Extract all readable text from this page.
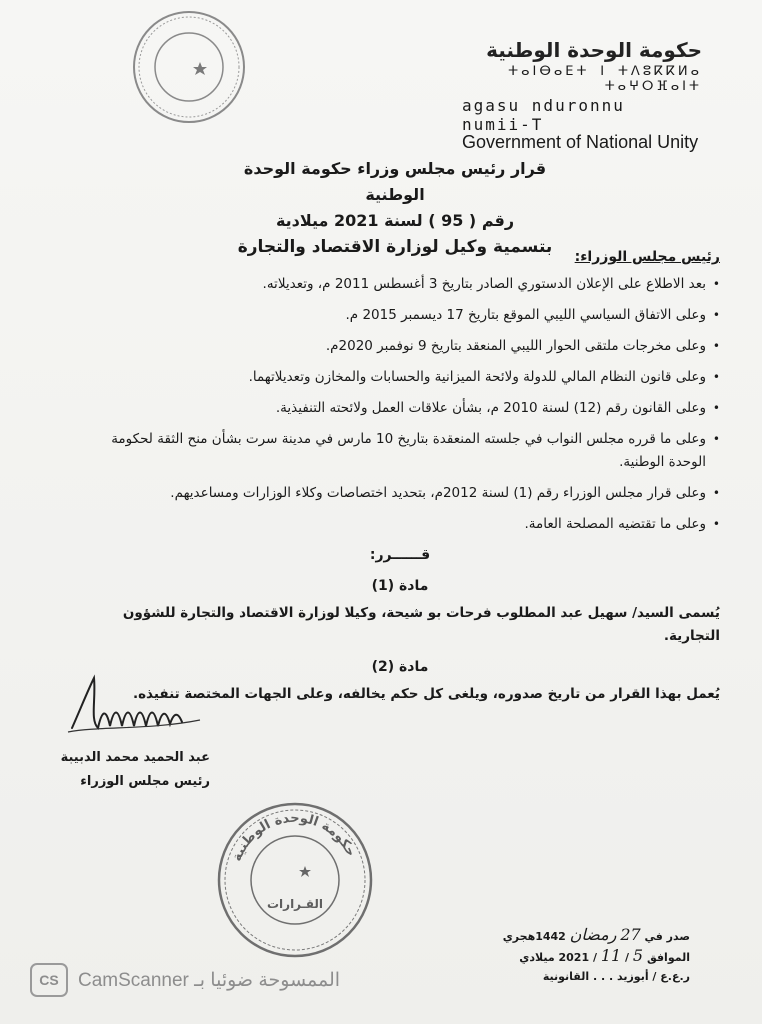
حكومة الوحدة الوطنية
ⵜⴰⵏⴱⴰⴹⵜ ⵏ ⵜⴷⵓⴽⴽⵍⴰ ⵜⴰⵖⵔⴼⴰⵏⵜ
agasu nduronnu numii-T
Government of National Unity
قرار رئيس مجلس وزراء حكومة الوحدة الوطنية
رقم ( 95 ) لسنة 2021 ميلادية
بتسمية وكيل لوزارة الاقتصاد والتجارة	رئيس مجلس الوزراء:
• بعد الاطلاع على الإعلان الدستوري الصادر بتاريخ 3 أغسطس 2011 م، وتعديلاته.
• وعلى الاتفاق السياسي الليبي الموقع بتاريخ 17 ديسمبر 2015 م.
• وعلى مخرجات ملتقى الحوار الليبي المنعقد بتاريخ 9 نوفمبر 2020م.
• وعلى قانون النظام المالي للدولة ولائحة الميزانية والحسابات والمخازن وتعديلاتهما.
• وعلى القانون رقم (12) لسنة 2010 م، بشأن علاقات العمل ولائحته التنفيذية.
• وعلى ما قرره مجلس النواب في جلسته المنعقدة بتاريخ 10 مارس في مدينة سرت بشأن منح الثقة لحكومة الوحدة الوطنية.
• وعلى قرار مجلس الوزراء رقم (1) لسنة 2012م، بتحديد اختصاصات وكلاء الوزارات ومساعديهم.
• وعلى ما تقتضيه المصلحة العامة.
قــــــرر:
مادة (1)
يُسمى السيد/ سهيل عبد المطلوب فرحات بو شيحة، وكيلا لوزارة الاقتصاد والتجارة للشؤون التجارية.
مادة (2)
يُعمل بهذا القرار من تاريخ صدوره، ويلغى كل حكم يخالفه، وعلى الجهات المختصة تنفيذه.
عبد الحميد محمد الدبيبة
رئيس مجلس الوزراء
حكومة الوحدة الوطنية
القـرارات
صدر في 27 رمضان 1442هجري
الموافق 5 / 11 / 2021 ميلادي
ر.ع.ع / أبوزيد . . . القانونية
CS	CamScanner الممسوحة ضوئيا بـ
